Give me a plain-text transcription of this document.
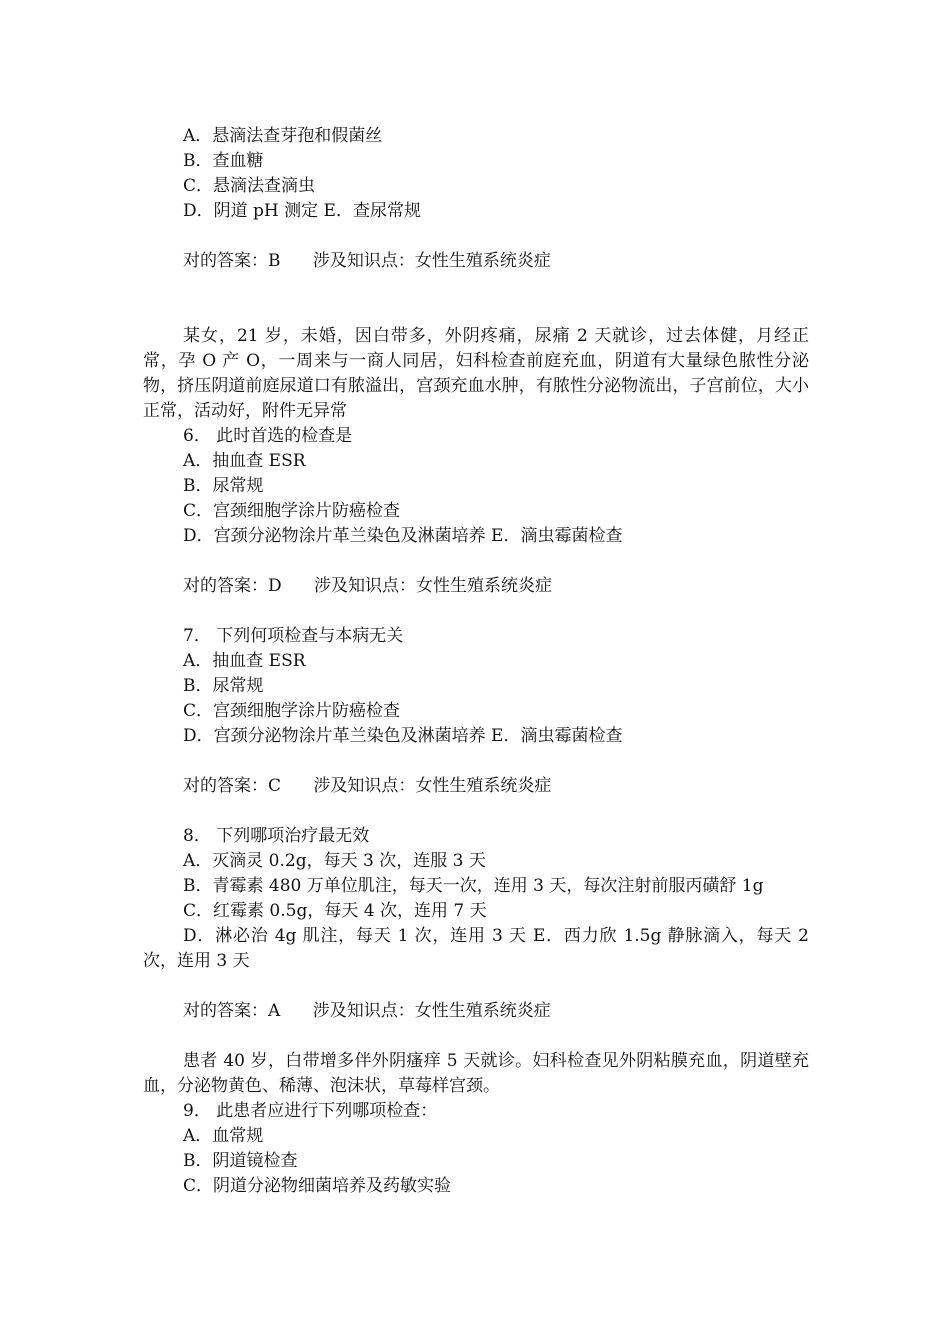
A．悬滴法查芽孢和假菌丝

B．查血糖

C．悬滴法查滴虫

D．阴道 pH 测定 E．查尿常规

对的答案：B      涉及知识点：女性生殖系统炎症

某女，21 岁，未婚，因白带多，外阴疼痛，尿痛 2 天就诊，过去体健，月经正常，孕 O 产 O，一周来与一商人同居，妇科检查前庭充血，阴道有大量绿色脓性分泌物，挤压阴道前庭尿道口有脓溢出，宫颈充血水肿，有脓性分泌物流出，子宫前位，大小正常，活动好，附件无异常

6． 此时首选的检查是

A．抽血查 ESR

B．尿常规

C．宫颈细胞学涂片防癌检查

D．宫颈分泌物涂片革兰染色及淋菌培养 E．滴虫霉菌检查

对的答案：D      涉及知识点：女性生殖系统炎症

7． 下列何项检查与本病无关

A．抽血查 ESR

B．尿常规

C．宫颈细胞学涂片防癌检查

D．宫颈分泌物涂片革兰染色及淋菌培养 E．滴虫霉菌检查

对的答案：C      涉及知识点：女性生殖系统炎症

8． 下列哪项治疗最无效

A．灭滴灵 0.2g，每天 3 次，连服 3 天

B．青霉素 480 万单位肌注，每天一次，连用 3 天，每次注射前服丙磺舒 1g

C．红霉素 0.5g，每天 4 次，连用 7 天

D．淋必治 4g 肌注，每天 1 次，连用 3 天 E．西力欣 1.5g 静脉滴入，每天 2 次，连用 3 天

对的答案：A      涉及知识点：女性生殖系统炎症

患者 40 岁，白带增多伴外阴瘙痒 5 天就诊。妇科检查见外阴粘膜充血，阴道壁充血，分泌物黄色、稀薄、泡沫状，草莓样宫颈。

9． 此患者应进行下列哪项检查：

A．血常规

B．阴道镜检查

C．阴道分泌物细菌培养及药敏实验
